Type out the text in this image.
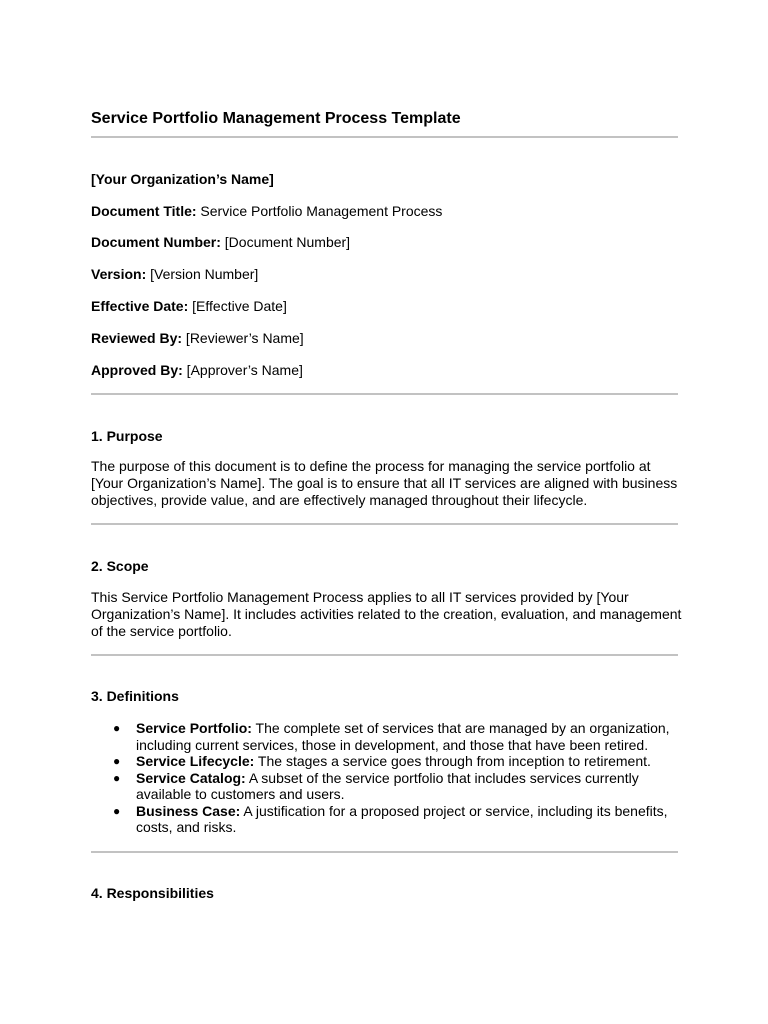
Service Portfolio Management Process Template

[Your Organization’s Name]

Document Title: Service Portfolio Management Process

Document Number: [Document Number]

Version: [Version Number]

Effective Date: [Effective Date]

Reviewed By: [Reviewer’s Name]

Approved By: [Approver’s Name]

1. Purpose

The purpose of this document is to define the process for managing the service portfolio at
[Your Organization’s Name]. The goal is to ensure that all IT services are aligned with business
objectives, provide value, and are effectively managed throughout their lifecycle.

2. Scope

This Service Portfolio Management Process applies to all IT services provided by [Your
Organization’s Name]. It includes activities related to the creation, evaluation, and management
of the service portfolio.

3. Definitions
● Service Portfolio: The complete set of services that are managed by an organization,
including current services, those in development, and those that have been retired.
● Service Lifecycle: The stages a service goes through from inception to retirement.
● Service Catalog: A subset of the service portfolio that includes services currently
available to customers and users.
● Business Case: A justification for a proposed project or service, including its benefits,
costs, and risks.
4. Responsibilities
